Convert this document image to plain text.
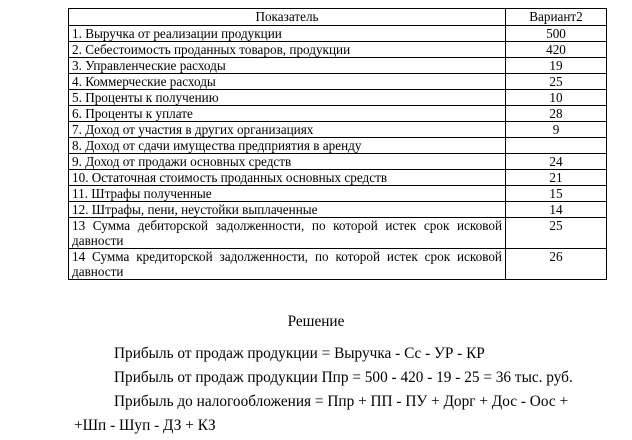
Показатель	Вариант2
1. Выручка от реализации продукции	500
2. Себестоимость проданных товаров, продукции	420
3. Управленческие расходы	19
4. Коммерческие расходы	25
5. Проценты к получению	10
6. Проценты к уплате	28
7. Доход от участия в других организациях	9
8. Доход от сдачи имущества предприятия в аренду	
9. Доход от продажи основных средств	24
10. Остаточная стоимость проданных основных средств	21
11. Штрафы полученные	15
12. Штрафы, пени, неустойки выплаченные	14
13 Сумма дебиторской задолженности, по которой истек срок исковой давности	25
14 Сумма кредиторской задолженности, по которой истек срок исковой давности	26

Решение

Прибыль от продаж продукции = Выручка - Сс - УР - КР

Прибыль от продаж продукции Ппр = 500 - 420 - 19 - 25 = 36 тыс. руб.

Прибыль до налогообложения = Ппр + ПП - ПУ + Дорг + Дос - Оос +

+Шп - Шуп - ДЗ + КЗ
